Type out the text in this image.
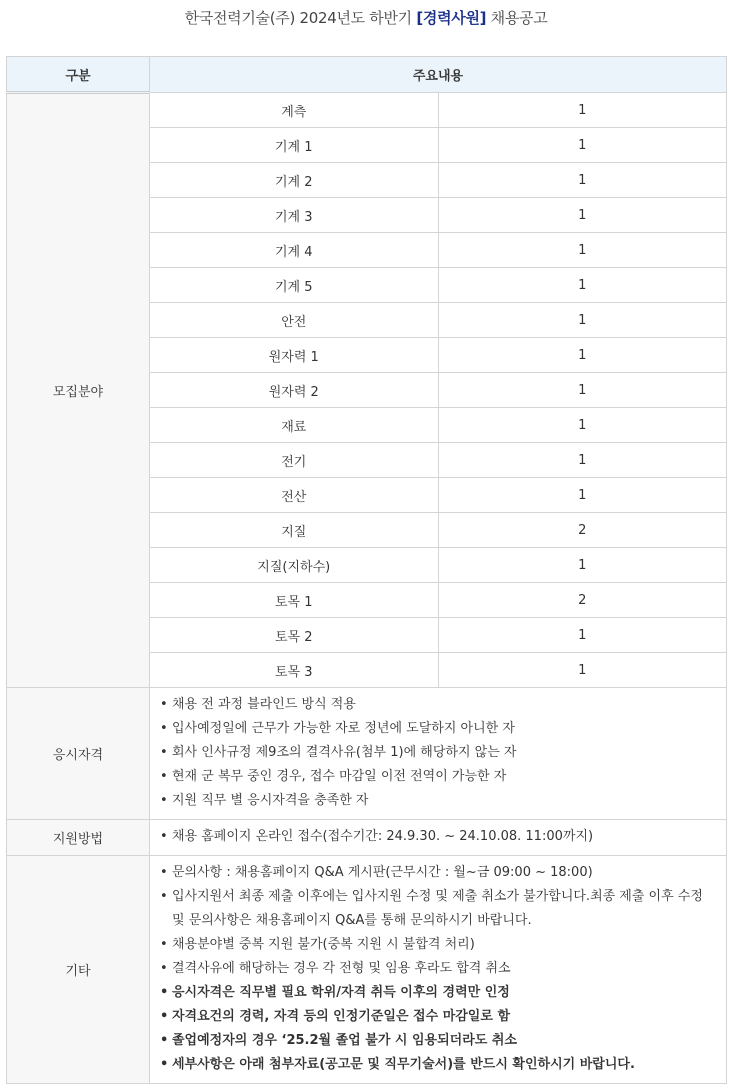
한국전력기술(주) 2024년도 하반기 [경력사원] 채용공고
구분	주요내용
모집분야	
계측	1
기계 1	1
기계 2	1
기계 3	1
기계 4	1
기계 5	1
안전	1
원자력 1	1
원자력 2	1
재료	1
전기	1
전산	1
지질	2
지질(지하수)	1
토목 1	2
토목 2	1
토목 3	1

응시자격	
• 채용 전 과정 블라인드 방식 적용
• 입사예정일에 근무가 가능한 자로 정년에 도달하지 아니한 자
• 회사 인사규정 제9조의 결격사유(첨부 1)에 해당하지 않는 자
• 현재 군 복무 중인 경우, 접수 마감일 이전 전역이 가능한 자
• 지원 직무 별 응시자격을 충족한 자

지원방법	
•채용 홈페이지 온라인 접수(접수기간: 24.9.30. ~ 24.10.08. 11:00까지)

기타	
• 문의사항 : 채용홈페이지 Q&A 게시판(근무시간 : 월~금 09:00 ~ 18:00)
• 입사지원서 최종 제출 이후에는 입사지원 수정 및 제출 취소가 불가합니다.최종 제출 이후 수정 및 문의사항은 채용홈페이지 Q&A를 통해 문의하시기 바랍니다.
• 채용분야별 중복 지원 불가(중복 지원 시 불합격 처리)
• 결격사유에 해당하는 경우 각 전형 및 임용 후라도 합격 취소
• 응시자격은 직무별 필요 학위/자격 취득 이후의 경력만 인정
• 자격요건의 경력, 자격 등의 인정기준일은 접수 마감일로 함
• 졸업예정자의 경우 ‘25.2월 졸업 불가 시 임용되더라도 취소
• 세부사항은 아래 첨부자료(공고문 및 직무기술서)를 반드시 확인하시기 바랍니다.
